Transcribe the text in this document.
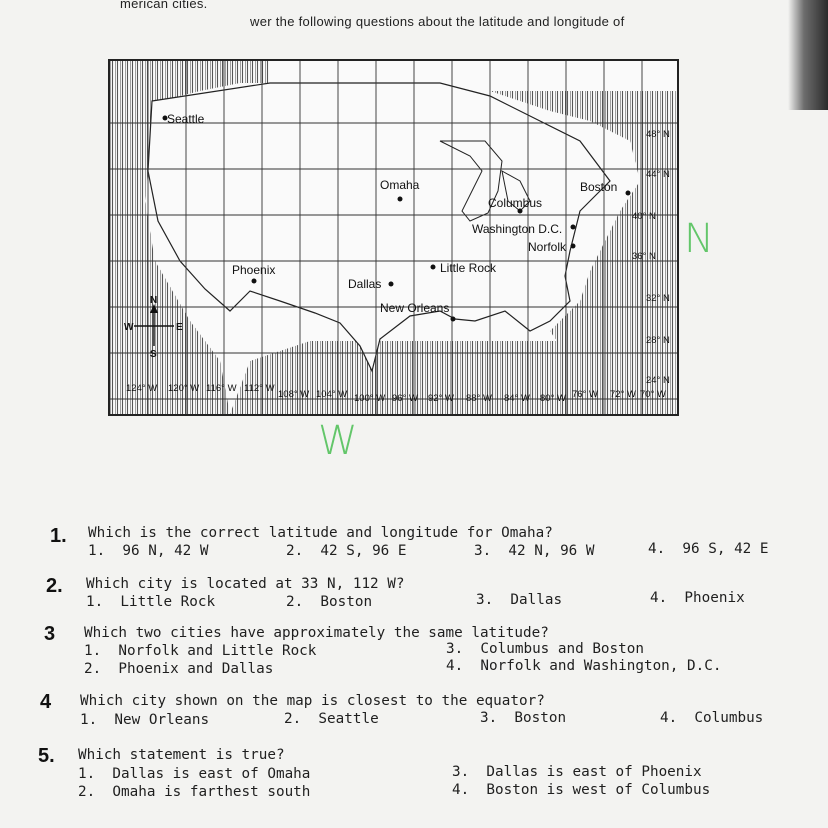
merican cities.
wer the following questions about the latitude and longitude of
Seattle
Omaha	Boston
Columbus
Washington D.C.
Norfolk
Phoenix	Little Rock
Dallas
New Orleans
48° N
44° N
40° N
36° N
32° N
28° N
24° N
124° W 120° W 116° W 112° W
108° W 104° W 100° W 96° W 92° W 88° W 84° W 80° W 76° W 72° W 70° W
N
S
E
W
N
W
1. Which is the correct latitude and longitude for Omaha?
1.  96 N, 42 W	2.  42 S, 96 E	3.  42 N, 96 W	4.  96 S, 42 E
2. Which city is located at 33 N, 112 W?
1.  Little Rock	2.  Boston	3.  Dallas	4.  Phoenix
3 Which two cities have approximately the same latitude?
1.  Norfolk and Little Rock	3.  Columbus and Boston
2.  Phoenix and Dallas	4.  Norfolk and Washington, D.C.
4 Which city shown on the map is closest to the equator?
1.  New Orleans	2.  Seattle	3.  Boston	4.  Columbus
5. Which statement is true?
1.  Dallas is east of Omaha	3.  Dallas is east of Phoenix
2.  Omaha is farthest south	4.  Boston is west of Columbus
